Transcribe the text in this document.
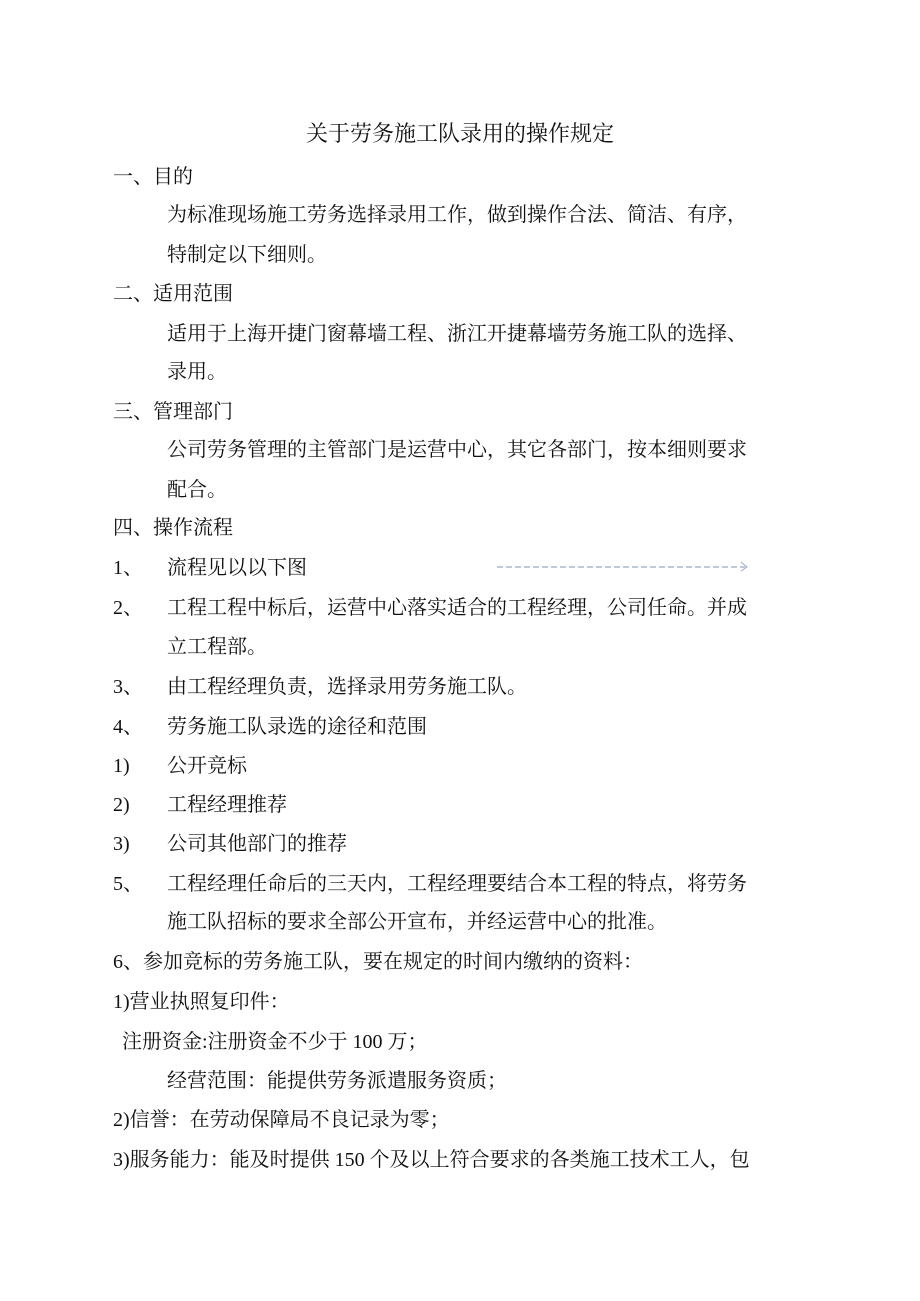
关于劳务施工队录用的操作规定
一、目的
为标准现场施工劳务选择录用工作，做到操作合法、简洁、有序，
特制定以下细则。
二、适用范围
适用于上海开捷门窗幕墙工程、浙江开捷幕墙劳务施工队的选择、
录用。
三、管理部门
公司劳务管理的主管部门是运营中心，其它各部门，按本细则要求
配合。
四、操作流程
1、 流程见以以下图
2、 工程工程中标后，运营中心落实适合的工程经理，公司任命。并成
立工程部。
3、 由工程经理负责，选择录用劳务施工队。
4、 劳务施工队录选的途径和范围
1) 公开竞标
2) 工程经理推荐
3) 公司其他部门的推荐
5、 工程经理任命后的三天内，工程经理要结合本工程的特点，将劳务
施工队招标的要求全部公开宣布，并经运营中心的批准。
6、参加竞标的劳务施工队，要在规定的时间内缴纳的资料：
1)营业执照复印件：
注册资金:注册资金不少于 100 万；
经营范围：能提供劳务派遣服务资质；
2)信誉：在劳动保障局不良记录为零；
3)服务能力：能及时提供 150 个及以上符合要求的各类施工技术工人，包
